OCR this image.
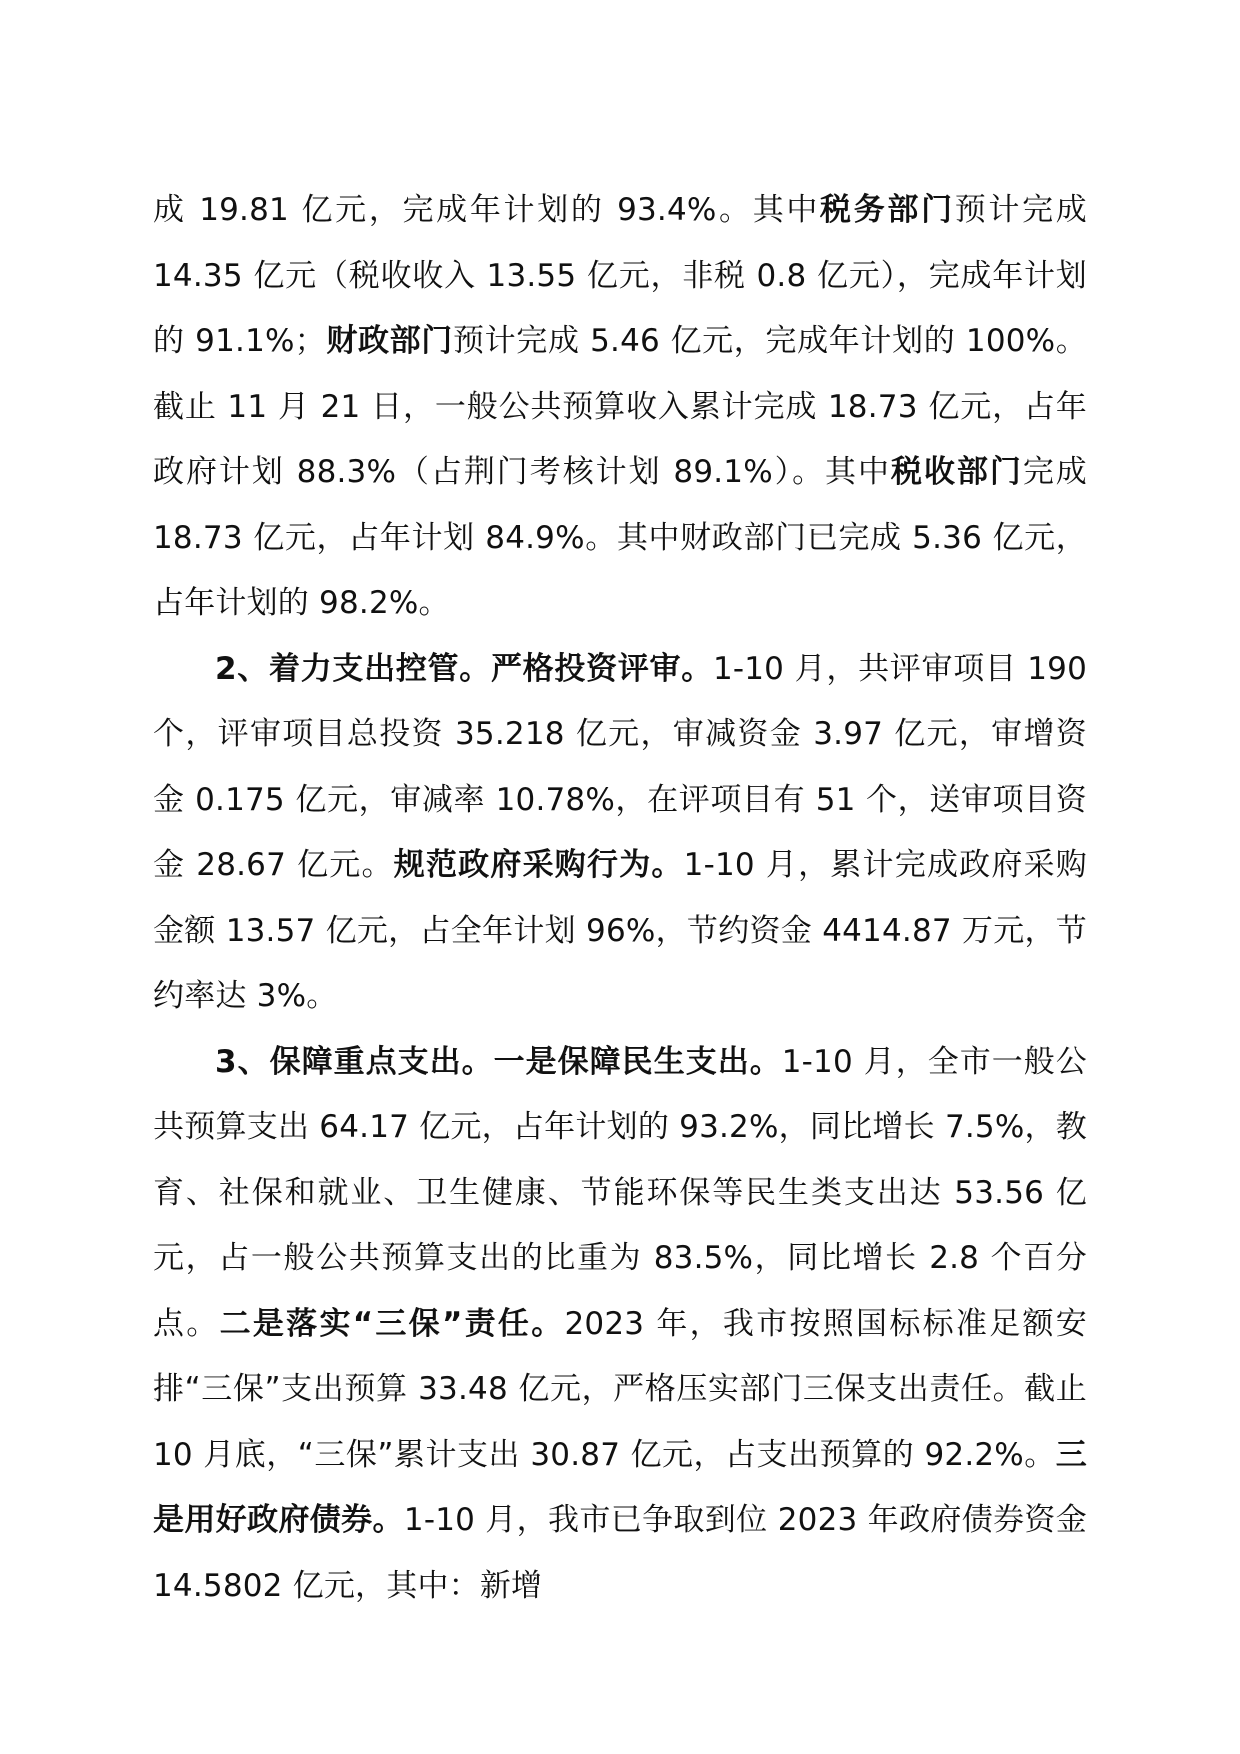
成 19.81 亿元，完成年计划的 93.4%。其中税务部门预计完成 14.35 亿元（税收收入 13.55 亿元，非税 0.8 亿元），完成年计划的 91.1%；财政部门预计完成 5.46 亿元，完成年计划的 100%。截止 11 月 21 日，一般公共预算收入累计完成 18.73 亿元，占年政府计划 88.3%（占荆门考核计划 89.1%）。其中税收部门完成 18.73 亿元，占年计划 84.9%。其中财政部门已完成 5.36 亿元，占年计划的 98.2%。

2、着力支出控管。严格投资评审。1-10 月，共评审项目 190 个，评审项目总投资 35.218 亿元，审减资金 3.97 亿元，审增资金 0.175 亿元，审减率 10.78%，在评项目有 51 个，送审项目资金 28.67 亿元。规范政府采购行为。1-10 月，累计完成政府采购金额 13.57 亿元，占全年计划 96%，节约资金 4414.87 万元，节约率达 3%。

3、保障重点支出。一是保障民生支出。1-10 月，全市一般公共预算支出 64.17 亿元，占年计划的 93.2%，同比增长 7.5%，教育、社保和就业、卫生健康、节能环保等民生类支出达 53.56 亿元，占一般公共预算支出的比重为 83.5%，同比增长 2.8 个百分点。二是落实“三保”责任。2023 年，我市按照国标标准足额安排“三保”支出预算 33.48 亿元，严格压实部门三保支出责任。截止 10 月底，“三保”累计支出 30.87 亿元，占支出预算的 92.2%。三是用好政府债券。1-10 月，我市已争取到位 2023 年政府债券资金 14.5802 亿元，其中：新增
